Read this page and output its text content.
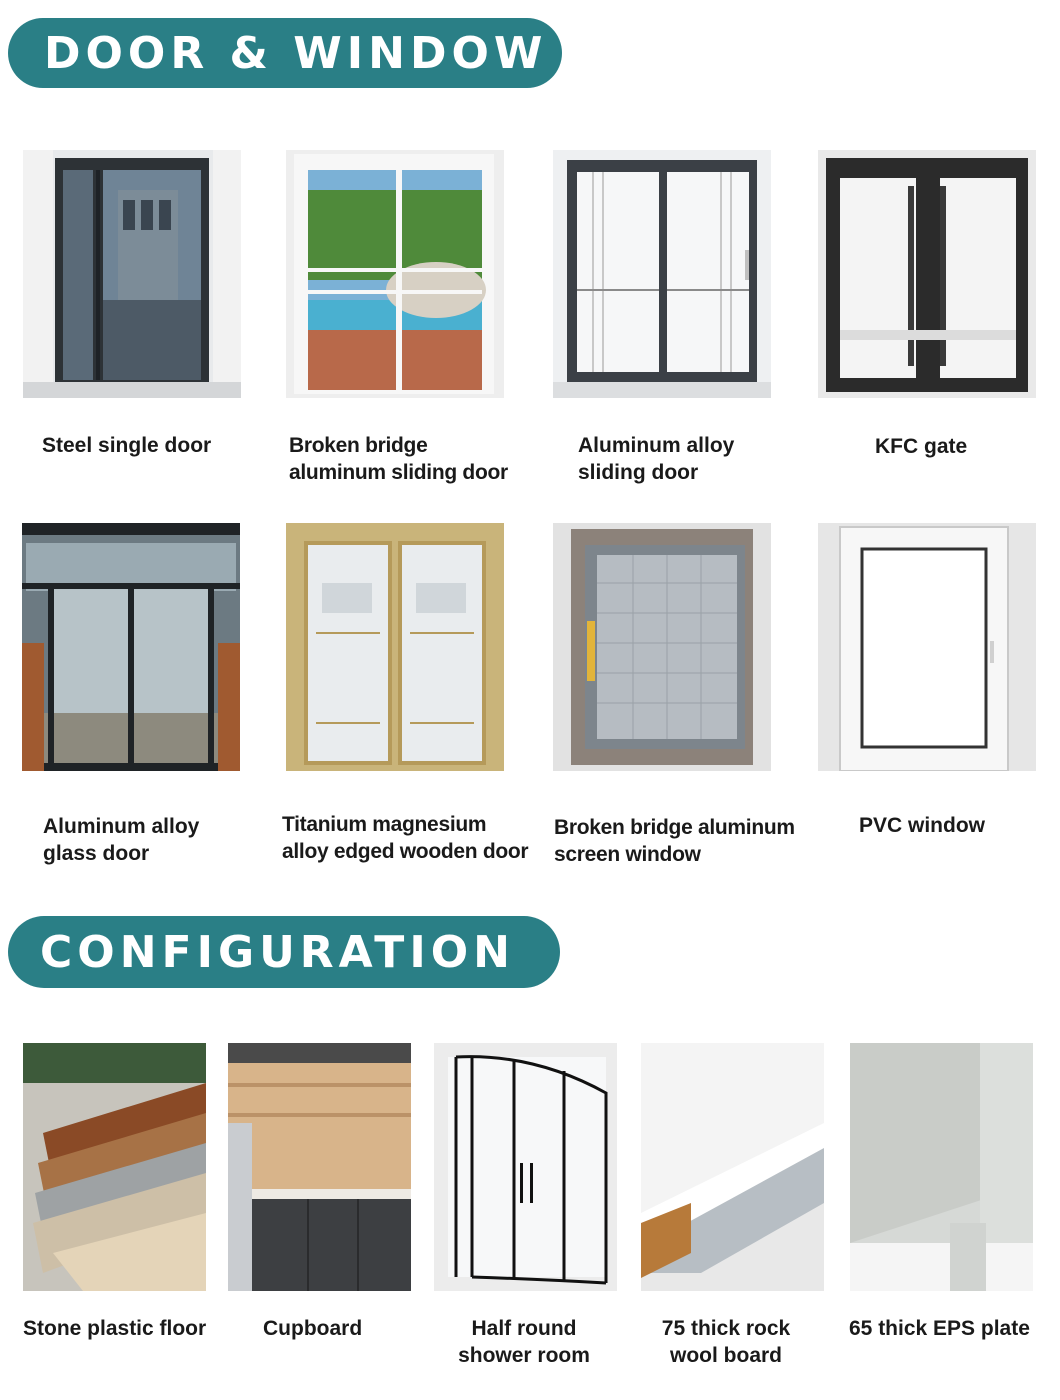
DOOR & WINDOW
Steel single door	Broken bridge
aluminum sliding door
Aluminum alloy
sliding door
KFC gate
Aluminum alloy
glass door
Titanium magnesium
alloy edged wooden door
Broken bridge aluminum
screen window
PVC window
CONFIGURATION
Stone plastic floor	Cupboard	Half round
shower room
75 thick rock
wool board
65 thick EPS plate
